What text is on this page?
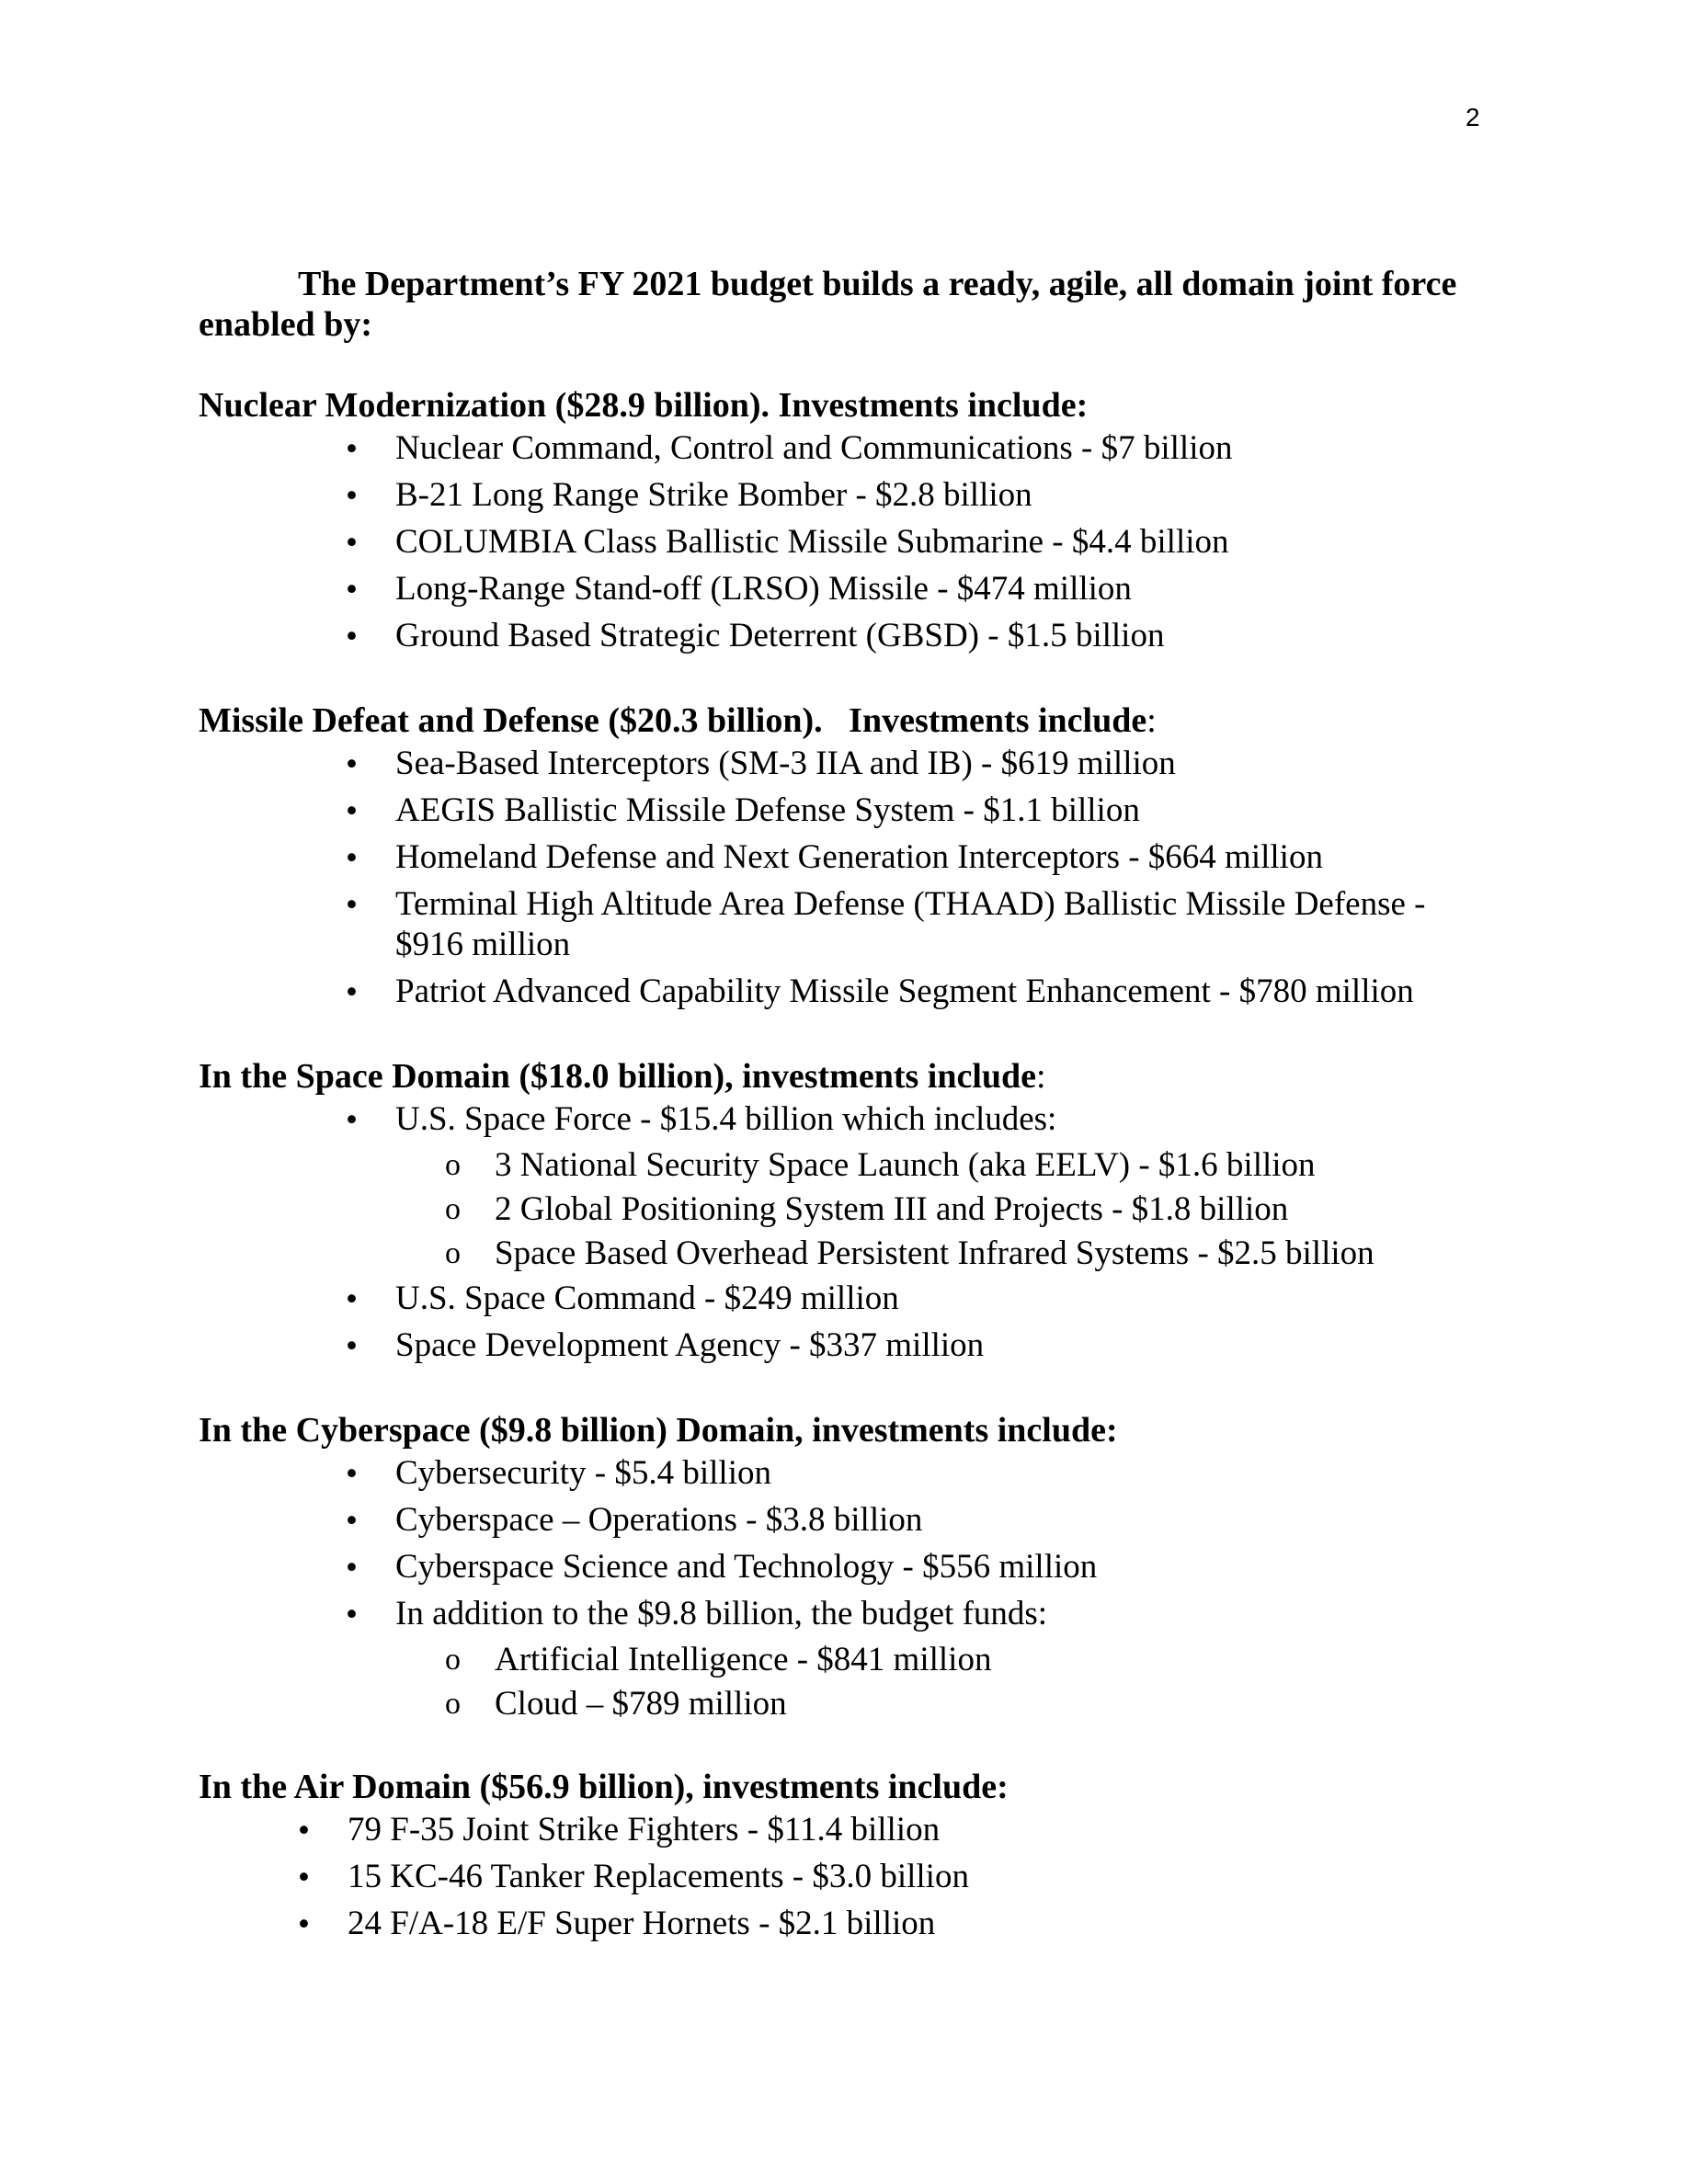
2

The Department’s FY 2021 budget builds a ready, agile, all domain joint force enabled by:

Nuclear Modernization ($28.9 billion). Investments include:

•	Nuclear Command, Control and Communications - $7 billion
•	B-21 Long Range Strike Bomber - $2.8 billion
•	COLUMBIA Class Ballistic Missile Submarine - $4.4 billion
•	Long-Range Stand-off (LRSO) Missile - $474 million
•	Ground Based Strategic Deterrent (GBSD) - $1.5 billion

Missile Defeat and Defense ($20.3 billion).   Investments include:

•	Sea-Based Interceptors (SM-3 IIA and IB) - $619 million
•	AEGIS Ballistic Missile Defense System - $1.1 billion
•	Homeland Defense and Next Generation Interceptors - $664 million
•	Terminal High Altitude Area Defense (THAAD) Ballistic Missile Defense - $916 million
•	Patriot Advanced Capability Missile Segment Enhancement - $780 million

In the Space Domain ($18.0 billion), investments include:

•	U.S. Space Force - $15.4 billion which includes:
o 3 National Security Space Launch (aka EELV) - $1.6 billion
o 2 Global Positioning System III and Projects - $1.8 billion
o Space Based Overhead Persistent Infrared Systems - $2.5 billion
•	U.S. Space Command - $249 million
•	Space Development Agency - $337 million

In the Cyberspace ($9.8 billion) Domain, investments include:

•	Cybersecurity - $5.4 billion
•	Cyberspace – Operations - $3.8 billion
•	Cyberspace Science and Technology - $556 million
•	In addition to the $9.8 billion, the budget funds:
o Artificial Intelligence - $841 million
o Cloud – $789 million

In the Air Domain ($56.9 billion), investments include:

•	79 F-35 Joint Strike Fighters - $11.4 billion
•	15 KC-46 Tanker Replacements - $3.0 billion
•	24 F/A-18 E/F Super Hornets - $2.1 billion
